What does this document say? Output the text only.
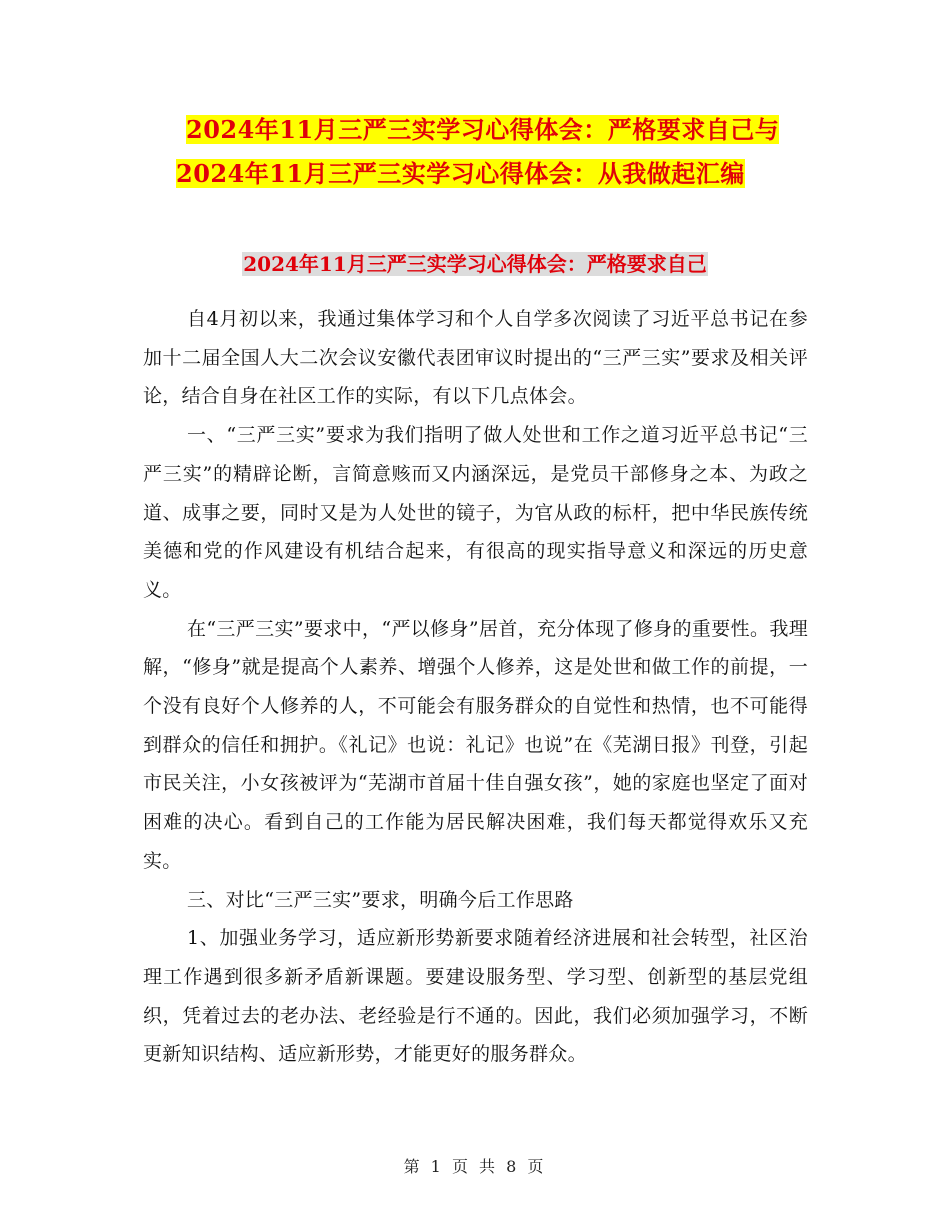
2024年11月三严三实学习心得体会：严格要求自己与
2024年11月三严三实学习心得体会：从我做起汇编
2024年11月三严三实学习心得体会：严格要求自己

自4月初以来，我通过集体学习和个人自学多次阅读了习近平总书记在参加十二届全国人大二次会议安徽代表团审议时提出的“三严三实”要求及相关评论，结合自身在社区工作的实际，有以下几点体会。

一、“三严三实”要求为我们指明了做人处世和工作之道习近平总书记“三严三实”的精辟论断，言简意赅而又内涵深远，是党员干部修身之本、为政之道、成事之要，同时又是为人处世的镜子，为官从政的标杆，把中华民族传统美德和党的作风建设有机结合起来，有很高的现实指导意义和深远的历史意义。

在“三严三实”要求中，“严以修身”居首，充分体现了修身的重要性。我理解，“修身”就是提高个人素养、增强个人修养，这是处世和做工作的前提，一个没有良好个人修养的人，不可能会有服务群众的自觉性和热情，也不可能得到群众的信任和拥护。《礼记》也说：礼记》也说”在《芜湖日报》刊登，引起市民关注，小女孩被评为“芜湖市首届十佳自强女孩”，她的家庭也坚定了面对困难的决心。看到自己的工作能为居民解决困难，我们每天都觉得欢乐又充实。

三、对比“三严三实”要求，明确今后工作思路

1、加强业务学习，适应新形势新要求随着经济进展和社会转型，社区治理工作遇到很多新矛盾新课题。要建设服务型、学习型、创新型的基层党组织，凭着过去的老办法、老经验是行不通的。因此，我们必须加强学习，不断更新知识结构、适应新形势，才能更好的服务群众。

第 1 页 共 8 页
